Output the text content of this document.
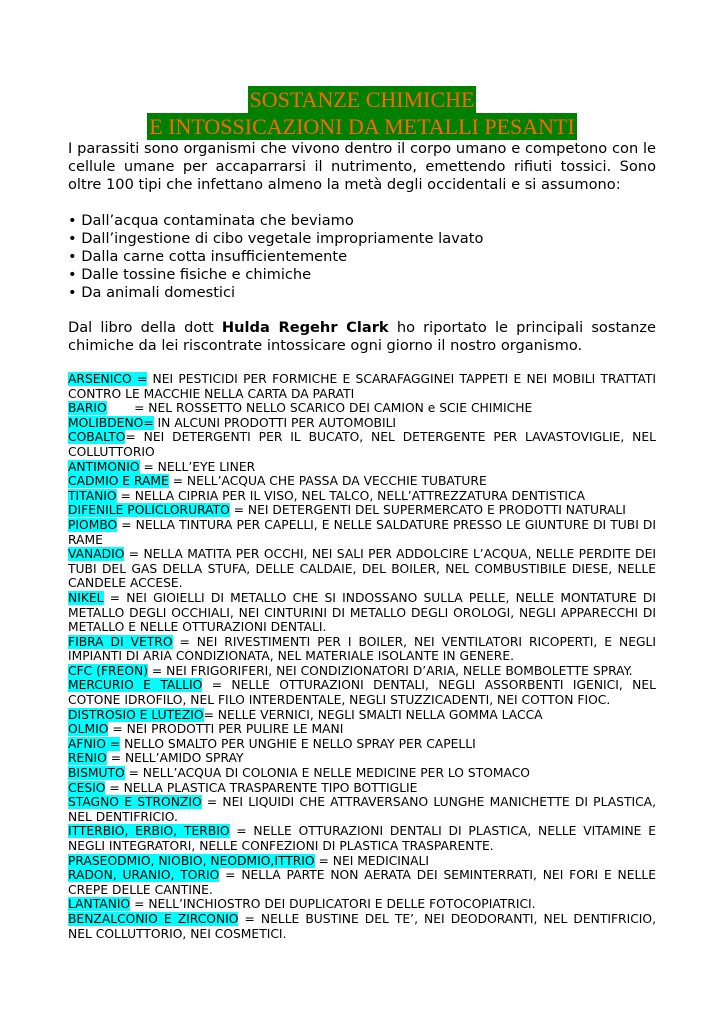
SOSTANZE CHIMICHE
E INTOSSICAZIONI DA METALLI PESANTI

I parassiti sono organismi che vivono dentro il corpo umano e competono con le cellule umane per accaparrarsi il nutrimento, emettendo rifiuti tossici. Sono oltre 100 tipi che infettano almeno la metà degli occidentali e si assumono:

• Dall’acqua contaminata che beviamo
• Dall’ingestione di cibo vegetale impropriamente lavato
• Dalla carne cotta insufficientemente
• Dalle tossine fisiche e chimiche
• Da animali domestici

Dal libro della dott Hulda Regehr Clark ho riportato le principali sostanze chimiche da lei riscontrate intossicare ogni giorno il nostro organismo.

ARSENICO = NEI PESTICIDI PER FORMICHE E SCARAFAGGINEI TAPPETI E NEI MOBILI TRATTATI CONTRO LE MACCHIE NELLA CARTA DA PARATI

BARIO       = NEL ROSSETTO NELLO SCARICO DEI CAMION e SCIE CHIMICHE

MOLIBDENO= IN ALCUNI PRODOTTI PER AUTOMOBILI

COBALTO= NEI DETERGENTI PER IL BUCATO, NEL DETERGENTE PER LAVASTOVIGLIE, NEL COLLUTTORIO

ANTIMONIO = NELL’EYE LINER

CADMIO E RAME = NELL’ACQUA CHE PASSA DA VECCHIE TUBATURE

TITANIO = NELLA CIPRIA PER IL VISO, NEL TALCO, NELL’ATTREZZATURA DENTISTICA

DIFENILE POLICLORURATO = NEI DETERGENTI DEL SUPERMERCATO E PRODOTTI NATURALI

PIOMBO = NELLA TINTURA PER CAPELLI, E NELLE SALDATURE PRESSO LE GIUNTURE DI TUBI DI RAME

VANADIO = NELLA MATITA PER OCCHI, NEI SALI PER ADDOLCIRE L’ACQUA, NELLE PERDITE DEI TUBI DEL GAS DELLA STUFA, DELLE CALDAIE, DEL BOILER, NEL COMBUSTIBILE DIESE, NELLE CANDELE ACCESE.

NIKEL = NEI GIOIELLI DI METALLO CHE SI INDOSSANO SULLA PELLE, NELLE MONTATURE DI METALLO DEGLI OCCHIALI, NEI CINTURINI DI METALLO DEGLI OROLOGI, NEGLI APPARECCHI DI METALLO E NELLE OTTURAZIONI DENTALI.

FIBRA DI VETRO = NEI RIVESTIMENTI PER I BOILER, NEI VENTILATORI RICOPERTI, E NEGLI IMPIANTI DI ARIA CONDIZIONATA, NEL MATERIALE ISOLANTE IN GENERE.

CFC (FREON) = NEI FRIGORIFERI, NEI CONDIZIONATORI D’ARIA, NELLE BOMBOLETTE SPRAY.

MERCURIO E TALLIO = NELLE OTTURAZIONI DENTALI, NEGLI ASSORBENTI IGENICI, NEL COTONE IDROFILO, NEL FILO INTERDENTALE, NEGLI STUZZICADENTI, NEI COTTON FIOC.

DISTROSIO E LUTEZIO= NELLE VERNICI, NEGLI SMALTI NELLA GOMMA LACCA

OLMIO = NEI PRODOTTI PER PULIRE LE MANI

AFNIO = NELLO SMALTO PER UNGHIE E NELLO SPRAY PER CAPELLI

RENIO = NELL’AMIDO SPRAY

BISMUTO = NELL’ACQUA DI COLONIA E NELLE MEDICINE PER LO STOMACO

CESIO = NELLA PLASTICA TRASPARENTE TIPO BOTTIGLIE

STAGNO E STRONZIO = NEI LIQUIDI CHE ATTRAVERSANO LUNGHE MANICHETTE DI PLASTICA, NEL DENTIFRICIO.

ITTERBIO, ERBIO, TERBIO = NELLE OTTURAZIONI DENTALI DI PLASTICA, NELLE VITAMINE E NEGLI INTEGRATORI, NELLE CONFEZIONI DI PLASTICA TRASPARENTE.

PRASEODMIO, NIOBIO, NEODMIO,ITTRIO = NEI MEDICINALI

RADON, URANIO, TORIO = NELLA PARTE NON AERATA DEI SEMINTERRATI, NEI FORI E NELLE CREPE DELLE CANTINE.

LANTANIO = NELL’INCHIOSTRO DEI DUPLICATORI E DELLE FOTOCOPIATRICI.

BENZALCONIO E ZIRCONIO = NELLE BUSTINE DEL TE’, NEI DEODORANTI, NEL DENTIFRICIO, NEL COLLUTTORIO, NEI COSMETICI.
